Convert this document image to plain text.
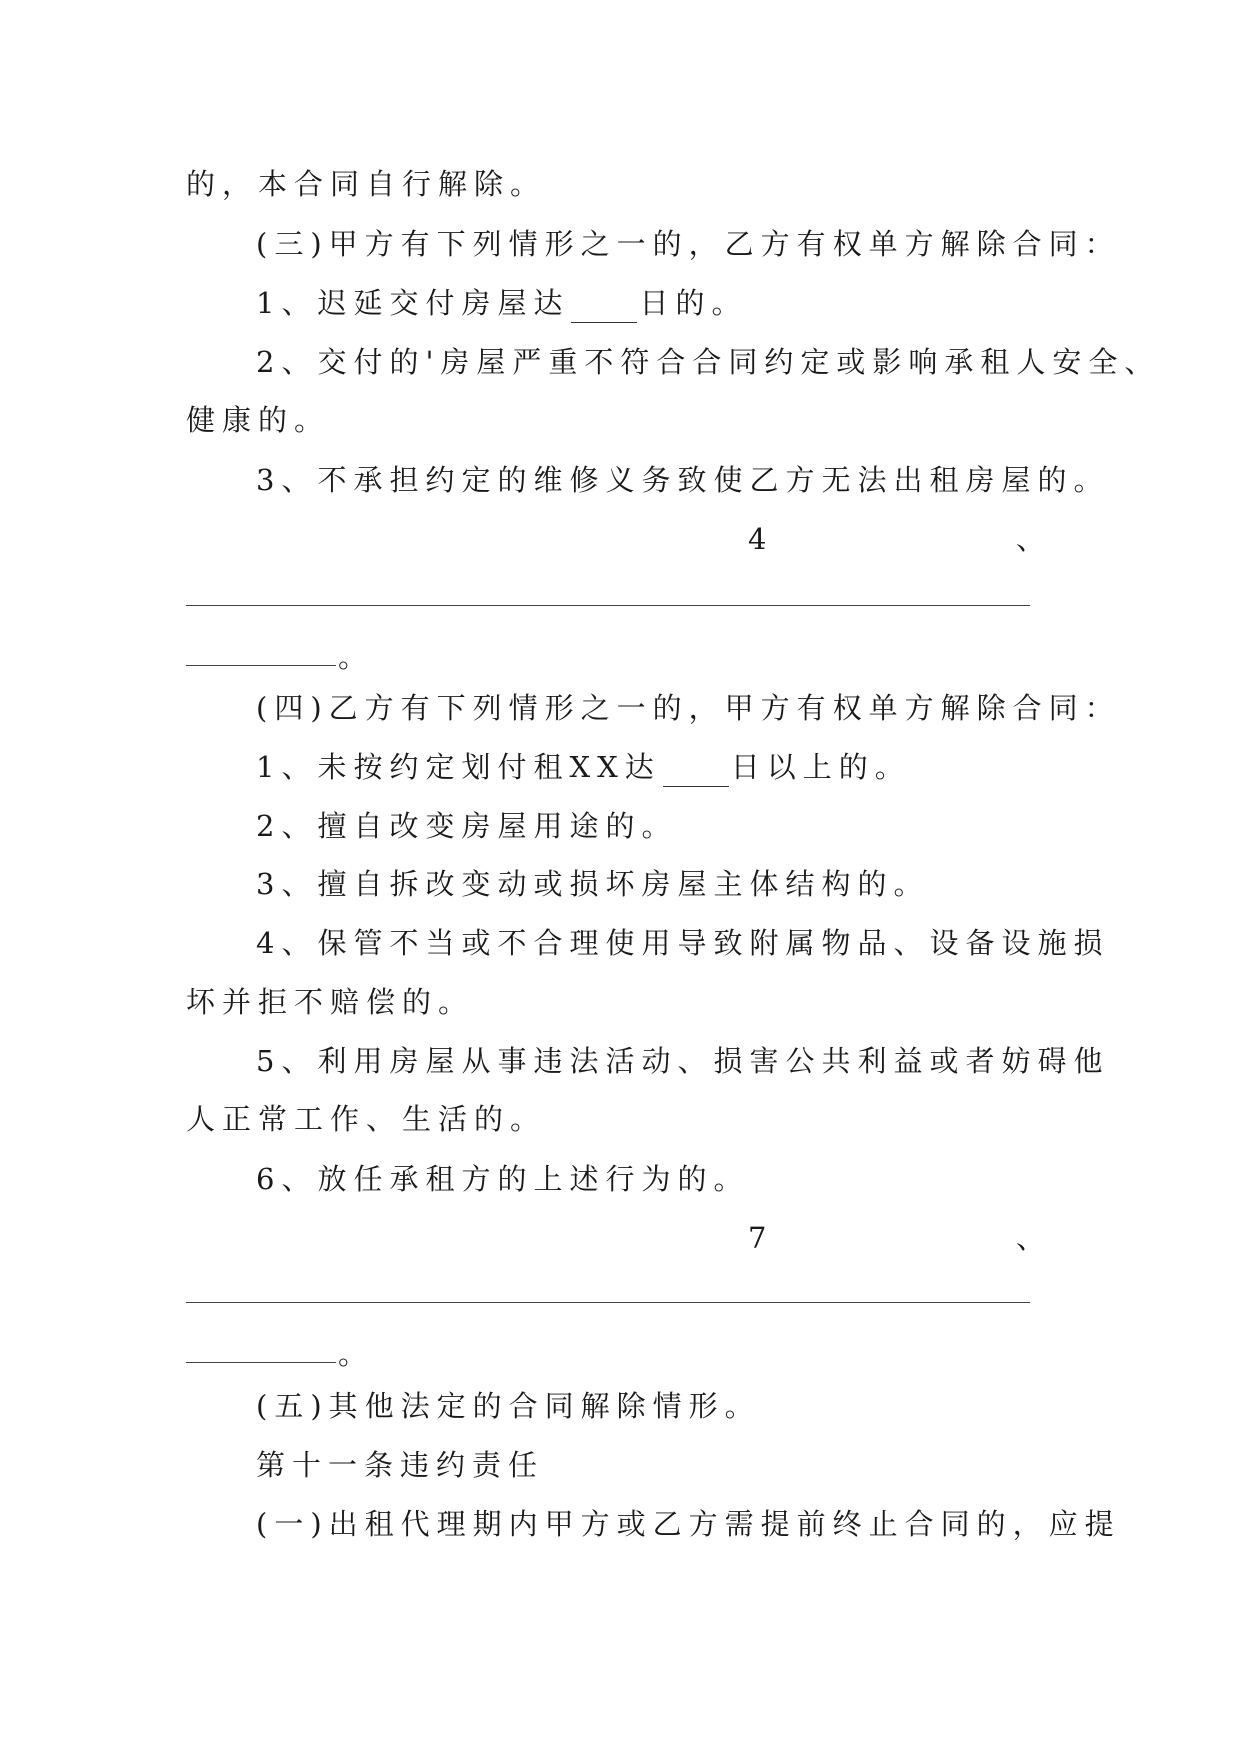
的，本合同自行解除。
(三)甲方有下列情形之一的，乙方有权单方解除合同：
1、迟延交付房屋达 日的。
2、交付的'房屋严重不符合合同约定或影响承租人安全、
健康的。
3、不承担约定的维修义务致使乙方无法出租房屋的。
4	、
。
(四)乙方有下列情形之一的，甲方有权单方解除合同：
1、未按约定划付租XX达 日以上的。
2、擅自改变房屋用途的。
3、擅自拆改变动或损坏房屋主体结构的。
4、保管不当或不合理使用导致附属物品、设备设施损
坏并拒不赔偿的。
5、利用房屋从事违法活动、损害公共利益或者妨碍他
人正常工作、生活的。
6、放任承租方的上述行为的。
7	、
。
(五)其他法定的合同解除情形。
第十一条违约责任
(一)出租代理期内甲方或乙方需提前终止合同的，应提
